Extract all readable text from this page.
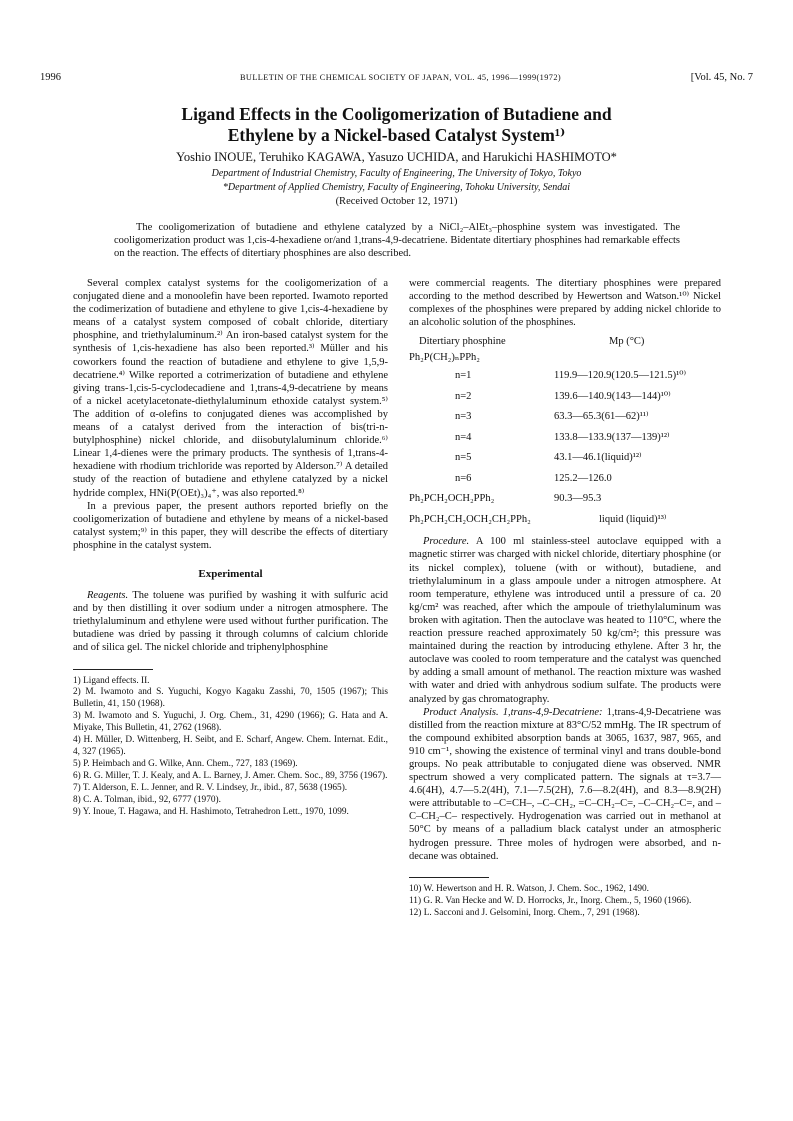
1996	BULLETIN OF THE CHEMICAL SOCIETY OF JAPAN, VOL. 45, 1996—1999(1972)	[Vol. 45, No. 7
Ligand Effects in the Cooligomerization of Butadiene and
Ethylene by a Nickel-based Catalyst System¹⁾
Yoshio INOUE, Teruhiko KAGAWA, Yasuzo UCHIDA, and Harukichi HASHIMOTO*
Department of Industrial Chemistry, Faculty of Engineering, The University of Tokyo, Tokyo
*Department of Applied Chemistry, Faculty of Engineering, Tohoku University, Sendai
(Received October 12, 1971)
The cooligomerization of butadiene and ethylene catalyzed by a NiCl₂–AlEt₃–phosphine system was investigated. The cooligomerization product was 1,cis-4-hexadiene or/and 1,trans-4,9-decatriene. Bidentate ditertiary phosphines had remarkable effects on the reaction. The effects of ditertiary phosphines are also described.

Several complex catalyst systems for the cooligomerization of a conjugated diene and a monoolefin have been reported. Iwamoto reported the codimerization of butadiene and ethylene to give 1,cis-4-hexadiene by means of a catalyst system composed of cobalt chloride, ditertiary phosphine, and triethylaluminum.²⁾ An iron-based catalyst system for the synthesis of 1,cis-hexadiene has also been reported.³⁾ Müller and his coworkers found the reaction of butadiene and ethylene to give 1,5,9-decatriene.⁴⁾ Wilke reported a cotrimerization of butadiene and ethylene giving trans-1,cis-5-cyclodecadiene and 1,trans-4,9-decatriene by means of a nickel acetylacetonate-diethylaluminum ethoxide catalyst system.⁵⁾ The addition of α-olefins to conjugated dienes was accomplished by means of a catalyst derived from the interaction of bis(tri-n-butylphosphine) nickel chloride, and diisobutylaluminum chloride.⁶⁾ Linear 1,4-dienes were the primary products. The synthesis of 1,trans-4-hexadiene with rhodium trichloride was reported by Alderson.⁷⁾ A detailed study of the reaction of butadiene and ethylene catalyzed by a nickel hydride complex, HNi(P(OEt)₃)₄⁺, was also reported.⁸⁾

In a previous paper, the present authors reported briefly on the cooligomerization of butadiene and ethylene by means of a nickel-based catalyst system;⁹⁾ in this paper, they will describe the effects of ditertiary phosphine in the catalyst system.

Experimental

Reagents. The toluene was purified by washing it with sulfuric acid and by then distilling it over sodium under a nitrogen atmosphere. The triethylaluminum and ethylene were used without further purification. The butadiene was dried by passing it through columns of calcium chloride and of silica gel. The nickel chloride and triphenylphosphine

1) Ligand effects. II.

2) M. Iwamoto and S. Yuguchi, Kogyo Kagaku Zasshi, 70, 1505 (1967); This Bulletin, 41, 150 (1968).

3) M. Iwamoto and S. Yuguchi, J. Org. Chem., 31, 4290 (1966); G. Hata and A. Miyake, This Bulletin, 41, 2762 (1968).

4) H. Müller, D. Wittenberg, H. Seibt, and E. Scharf, Angew. Chem. Internat. Edit., 4, 327 (1965).

5) P. Heimbach and G. Wilke, Ann. Chem., 727, 183 (1969).

6) R. G. Miller, T. J. Kealy, and A. L. Barney, J. Amer. Chem. Soc., 89, 3756 (1967).

7) T. Alderson, E. L. Jenner, and R. V. Lindsey, Jr., ibid., 87, 5638 (1965).

8) C. A. Tolman, ibid., 92, 6777 (1970).

9) Y. Inoue, T. Hagawa, and H. Hashimoto, Tetrahedron Lett., 1970, 1099.

were commercial reagents. The ditertiary phosphines were prepared according to the method described by Hewertson and Watson.¹⁰⁾ Nickel complexes of the phosphines were prepared by adding nickel chloride to an alcoholic solution of the phosphines.

Ditertiary phosphine	Mp (°C)
Ph₂P(CH₂)ₙPPh₂
n=1	119.9—120.9(120.5—121.5)¹⁰⁾
n=2	139.6—140.9(143—144)¹⁰⁾
n=3	63.3—65.3(61—62)¹¹⁾
n=4	133.8—133.9(137—139)¹²⁾
n=5	43.1—46.1(liquid)¹²⁾
n=6	125.2—126.0
Ph₂PCH₂OCH₂PPh₂	90.3—95.3
Ph₂PCH₂CH₂OCH₂CH₂PPh₂	liquid (liquid)¹³⁾

Procedure. A 100 ml stainless-steel autoclave equipped with a magnetic stirrer was charged with nickel chloride, ditertiary phosphine (or its nickel complex), toluene (with or without), butadiene, and triethylaluminum in a glass ampoule under a nitrogen atmosphere. At room temperature, ethylene was introduced until a pressure of ca. 20 kg/cm² was reached, after which the ampoule of triethylaluminum was broken with agitation. Then the autoclave was heated to 110°C, where the reaction pressure reached approximately 50 kg/cm²; this pressure was maintained during the reaction by introducing ethylene. After 3 hr, the autoclave was cooled to room temperature and the catalyst was quenched by adding a small amount of methanol. The reaction mixture was washed with water and dried with anhydrous sodium sulfate. The products were analyzed by gas chromatography.

Product Analysis. 1,trans-4,9-Decatriene: 1,trans-4,9-Decatriene was distilled from the reaction mixture at 83°C/52 mmHg. The IR spectrum of the compound exhibited absorption bands at 3065, 1637, 987, 965, and 910 cm⁻¹, showing the existence of terminal vinyl and trans double-bond groups. No peak attributable to conjugated diene was observed. NMR spectrum showed a very complicated pattern. The signals at τ=3.7—4.6(4H), 4.7—5.2(4H), 7.1—7.5(2H), 7.6—8.2(4H), and 8.3—8.9(2H) were attributable to –C=CH–, –C–CH₂, =C–CH₂–C=, –C–CH₂–C=, and –C–CH₂–C– respectively. Hydrogenation was carried out in methanol at 50°C by means of a palladium black catalyst under an atmospheric hydrogen pressure. Three moles of hydrogen were absorbed, and n-decane was obtained.

10) W. Hewertson and H. R. Watson, J. Chem. Soc., 1962, 1490.

11) G. R. Van Hecke and W. D. Horrocks, Jr., Inorg. Chem., 5, 1960 (1966).

12) L. Sacconi and J. Gelsomini, Inorg. Chem., 7, 291 (1968).
